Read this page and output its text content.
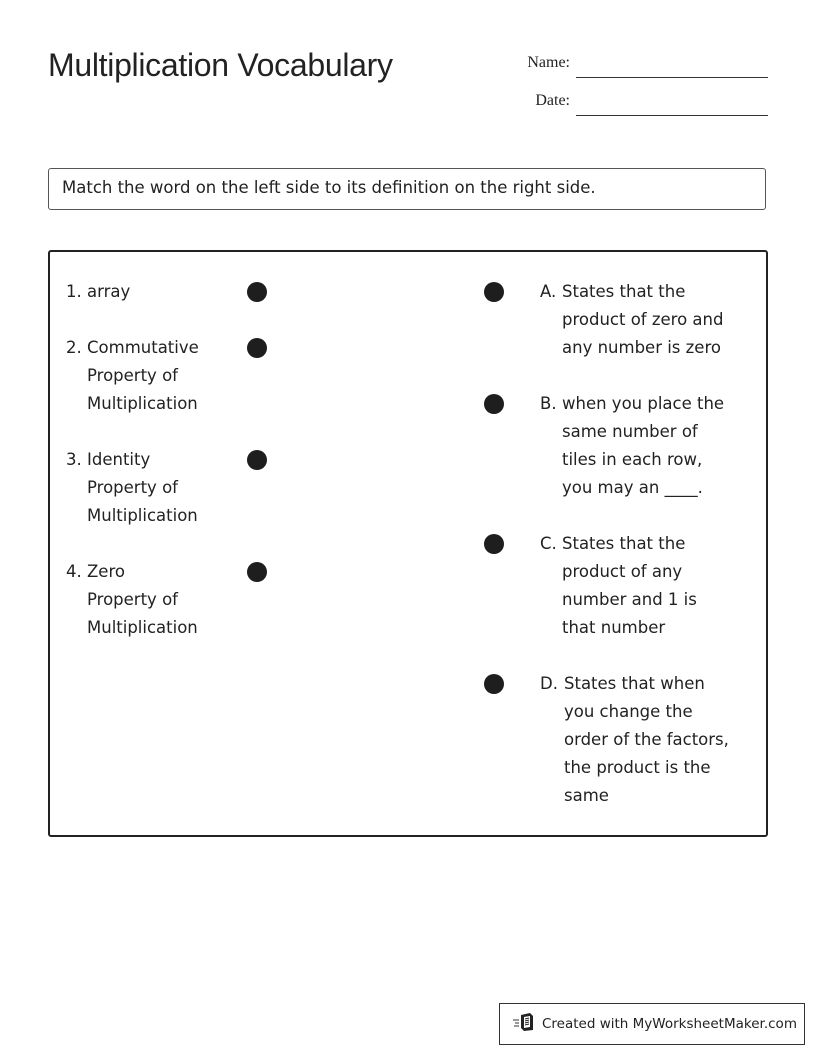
Multiplication Vocabulary	Name:
Date:
Match the word on the left side to its definition on the right side.
1. array
2. Commutative
Property of
Multiplication
3. Identity
Property of
Multiplication
4. Zero
Property of
Multiplication
A. States that the
product of zero and
any number is zero
B. when you place the
same number of
tiles in each row,
you may an ____.
C. States that the
product of any
number and 1 is
that number
D. States that when
you change the
order of the factors,
the product is the
same
Created with MyWorksheetMaker.com
